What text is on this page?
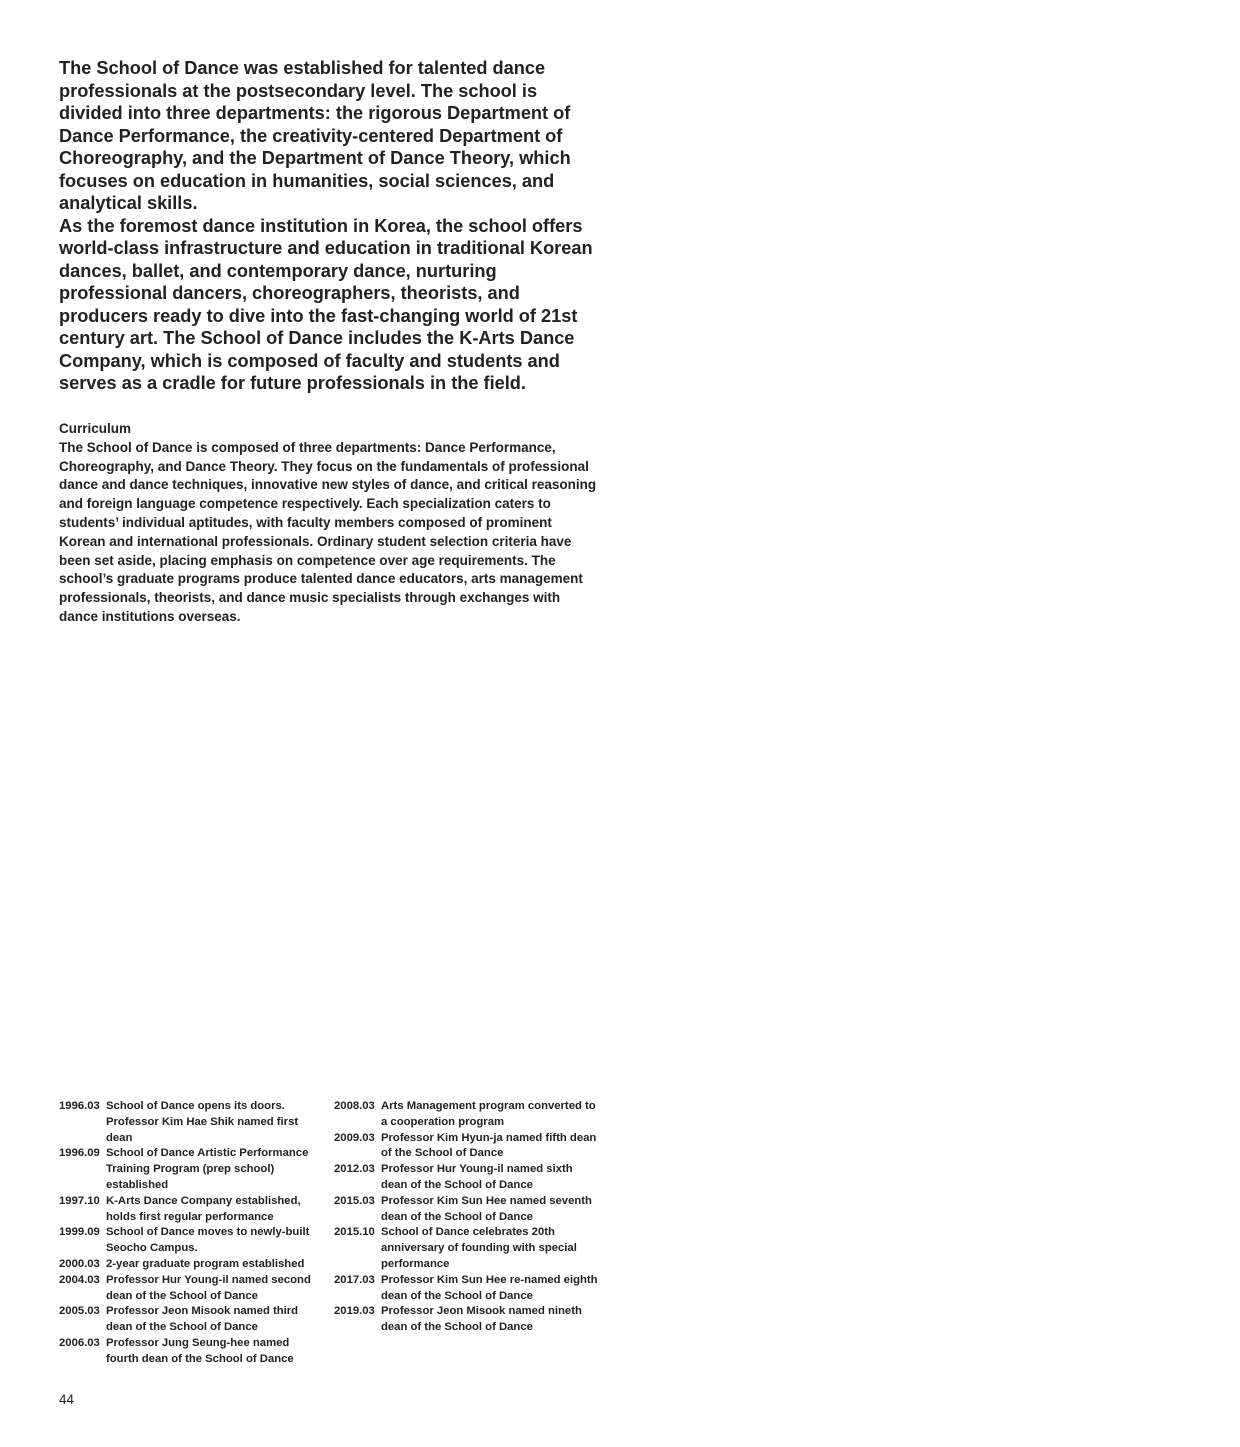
The School of Dance was established for talented dance professionals at the postsecondary level. The school is divided into three departments: the rigorous Department of Dance Performance, the creativity-centered Department of Choreography, and the Department of Dance Theory, which focuses on education in humanities, social sciences, and analytical skills.

As the foremost dance institution in Korea, the school offers world-class infrastructure and education in traditional Korean dances, ballet, and contemporary dance, nurturing professional dancers, choreographers, theorists, and producers ready to dive into the fast-changing world of 21st century art. The School of Dance includes the K-Arts Dance Company, which is composed of faculty and students and serves as a cradle for future professionals in the field.

Curriculum

The School of Dance is composed of three departments: Dance Performance, Choreography, and Dance Theory. They focus on the fundamentals of professional dance and dance techniques, innovative new styles of dance, and critical reasoning and foreign language competence respectively. Each specialization caters to students’ individual aptitudes, with faculty members composed of prominent Korean and international professionals. Ordinary student selection criteria have been set aside, placing emphasis on competence over age requirements. The school’s graduate programs produce talented dance educators, arts management professionals, theorists, and dance music specialists through exchanges with dance institutions overseas.

1996.03 School of Dance opens its doors. Professor Kim Hae Shik named first dean
1996.09 School of Dance Artistic Performance Training Program (prep school) established
1997.10 K-Arts Dance Company established, holds first regular performance
1999.09 School of Dance moves to newly-built Seocho Campus.
2000.03 2-year graduate program established
2004.03 Professor Hur Young-il named second dean of the School of Dance
2005.03 Professor Jeon Misook named third dean of the School of Dance
2006.03 Professor Jung Seung-hee named fourth dean of the School of Dance
2008.03 Arts Management program converted to a cooperation program
2009.03 Professor Kim Hyun-ja named fifth dean of the School of Dance
2012.03 Professor Hur Young-il named sixth dean of the School of Dance
2015.03 Professor Kim Sun Hee named seventh dean of the School of Dance
2015.10 School of Dance celebrates 20th anniversary of founding with special performance
2017.03 Professor Kim Sun Hee re-named eighth dean of the School of Dance
2019.03 Professor Jeon Misook named nineth dean of the School of Dance
44
